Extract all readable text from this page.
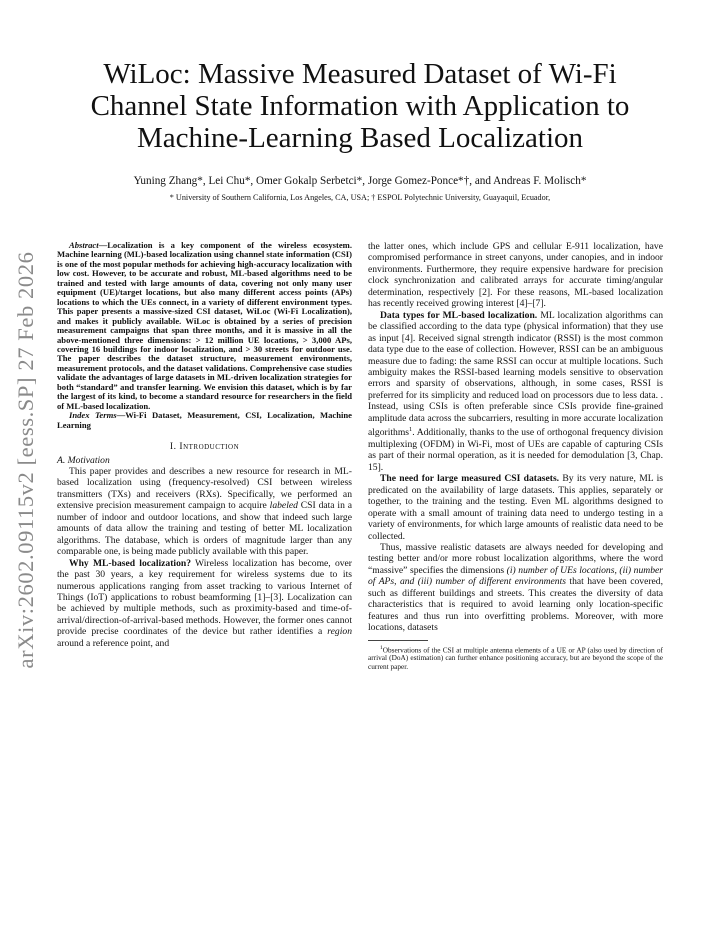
arXiv:2602.09115v2 [eess.SP] 27 Feb 2026
WiLoc: Massive Measured Dataset of Wi-Fi Channel State Information with Application to Machine-Learning Based Localization
Yuning Zhang*, Lei Chu*, Omer Gokalp Serbetci*, Jorge Gomez-Ponce*†, and Andreas F. Molisch*
* University of Southern California, Los Angeles, CA, USA; † ESPOL Polytechnic University, Guayaquil, Ecuador,

Abstract—Localization is a key component of the wireless ecosystem. Machine learning (ML)-based localization using channel state information (CSI) is one of the most popular methods for achieving high-accuracy localization with low cost. However, to be accurate and robust, ML-based algorithms need to be trained and tested with large amounts of data, covering not only many user equipment (UE)/target locations, but also many different access points (APs) locations to which the UEs connect, in a variety of different environment types. This paper presents a massive-sized CSI dataset, WiLoc (Wi-Fi Localization), and makes it publicly available. WiLoc is obtained by a series of precision measurement campaigns that span three months, and it is massive in all the above-mentioned three dimensions: > 12 million UE locations, > 3,000 APs, covering 16 buildings for indoor localization, and > 30 streets for outdoor use. The paper describes the dataset structure, measurement environments, measurement protocols, and the dataset validations. Comprehensive case studies validate the advantages of large datasets in ML-driven localization strategies for both “standard” and transfer learning. We envision this dataset, which is by far the largest of its kind, to become a standard resource for researchers in the field of ML-based localization.

Index Terms—Wi-Fi Dataset, Measurement, CSI, Localization, Machine Learning

I. Introduction
A. Motivation

This paper provides and describes a new resource for research in ML-based localization using (frequency-resolved) CSI between wireless transmitters (TXs) and receivers (RXs). Specifically, we performed an extensive precision measurement campaign to acquire labeled CSI data in a number of indoor and outdoor locations, and show that indeed such large amounts of data allow the training and testing of better ML localization algorithms. The database, which is orders of magnitude larger than any comparable one, is being made publicly available with this paper.

Why ML-based localization? Wireless localization has become, over the past 30 years, a key requirement for wireless systems due to its numerous applications ranging from asset tracking to various Internet of Things (IoT) applications to robust beamforming [1]–[3]. Localization can be achieved by multiple methods, such as proximity-based and time-of-arrival/direction-of-arrival-based methods. However, the former ones cannot provide precise coordinates of the device but rather identifies a region around a reference point, and

the latter ones, which include GPS and cellular E-911 localization, have compromised performance in street canyons, under canopies, and in indoor environments. Furthermore, they require expensive hardware for precision clock synchronization and calibrated arrays for accurate timing/angular determination, respectively [2]. For these reasons, ML-based localization has recently received growing interest [4]–[7].

Data types for ML-based localization. ML localization algorithms can be classified according to the data type (physical information) that they use as input [4]. Received signal strength indicator (RSSI) is the most common data type due to the ease of collection. However, RSSI can be an ambiguous measure due to fading: the same RSSI can occur at multiple locations. Such ambiguity makes the RSSI-based learning models sensitive to observation errors and sparsity of observations, although, in some cases, RSSI is preferred for its simplicity and reduced load on processors due to less data. . Instead, using CSIs is often preferable since CSIs provide fine-grained amplitude data across the subcarriers, resulting in more accurate localization algorithms$^1$. Additionally, thanks to the use of orthogonal frequency division multiplexing (OFDM) in Wi-Fi, most of UEs are capable of capturing CSIs as part of their normal operation, as it is needed for demodulation [3, Chap. 15].

The need for large measured CSI datasets. By its very nature, ML is predicated on the availability of large datasets. This applies, separately or together, to the training and the testing. Even ML algorithms designed to operate with a small amount of training data need to undergo testing in a variety of environments, for which large amounts of realistic data need to be collected.

Thus, massive realistic datasets are always needed for developing and testing better and/or more robust localization algorithms, where the word “massive” specifies the dimensions (i) number of UEs locations, (ii) number of APs, and (iii) number of different environments that have been covered, such as different buildings and streets. This creates the diversity of data characteristics that is required to avoid learning only location-specific features and thus run into overfitting problems. Moreover, with more locations, datasets

$^1$Observations of the CSI at multiple antenna elements of a UE or AP (also used by direction of arrival (DoA) estimation) can further enhance positioning accuracy, but are beyond the scope of the current paper.
